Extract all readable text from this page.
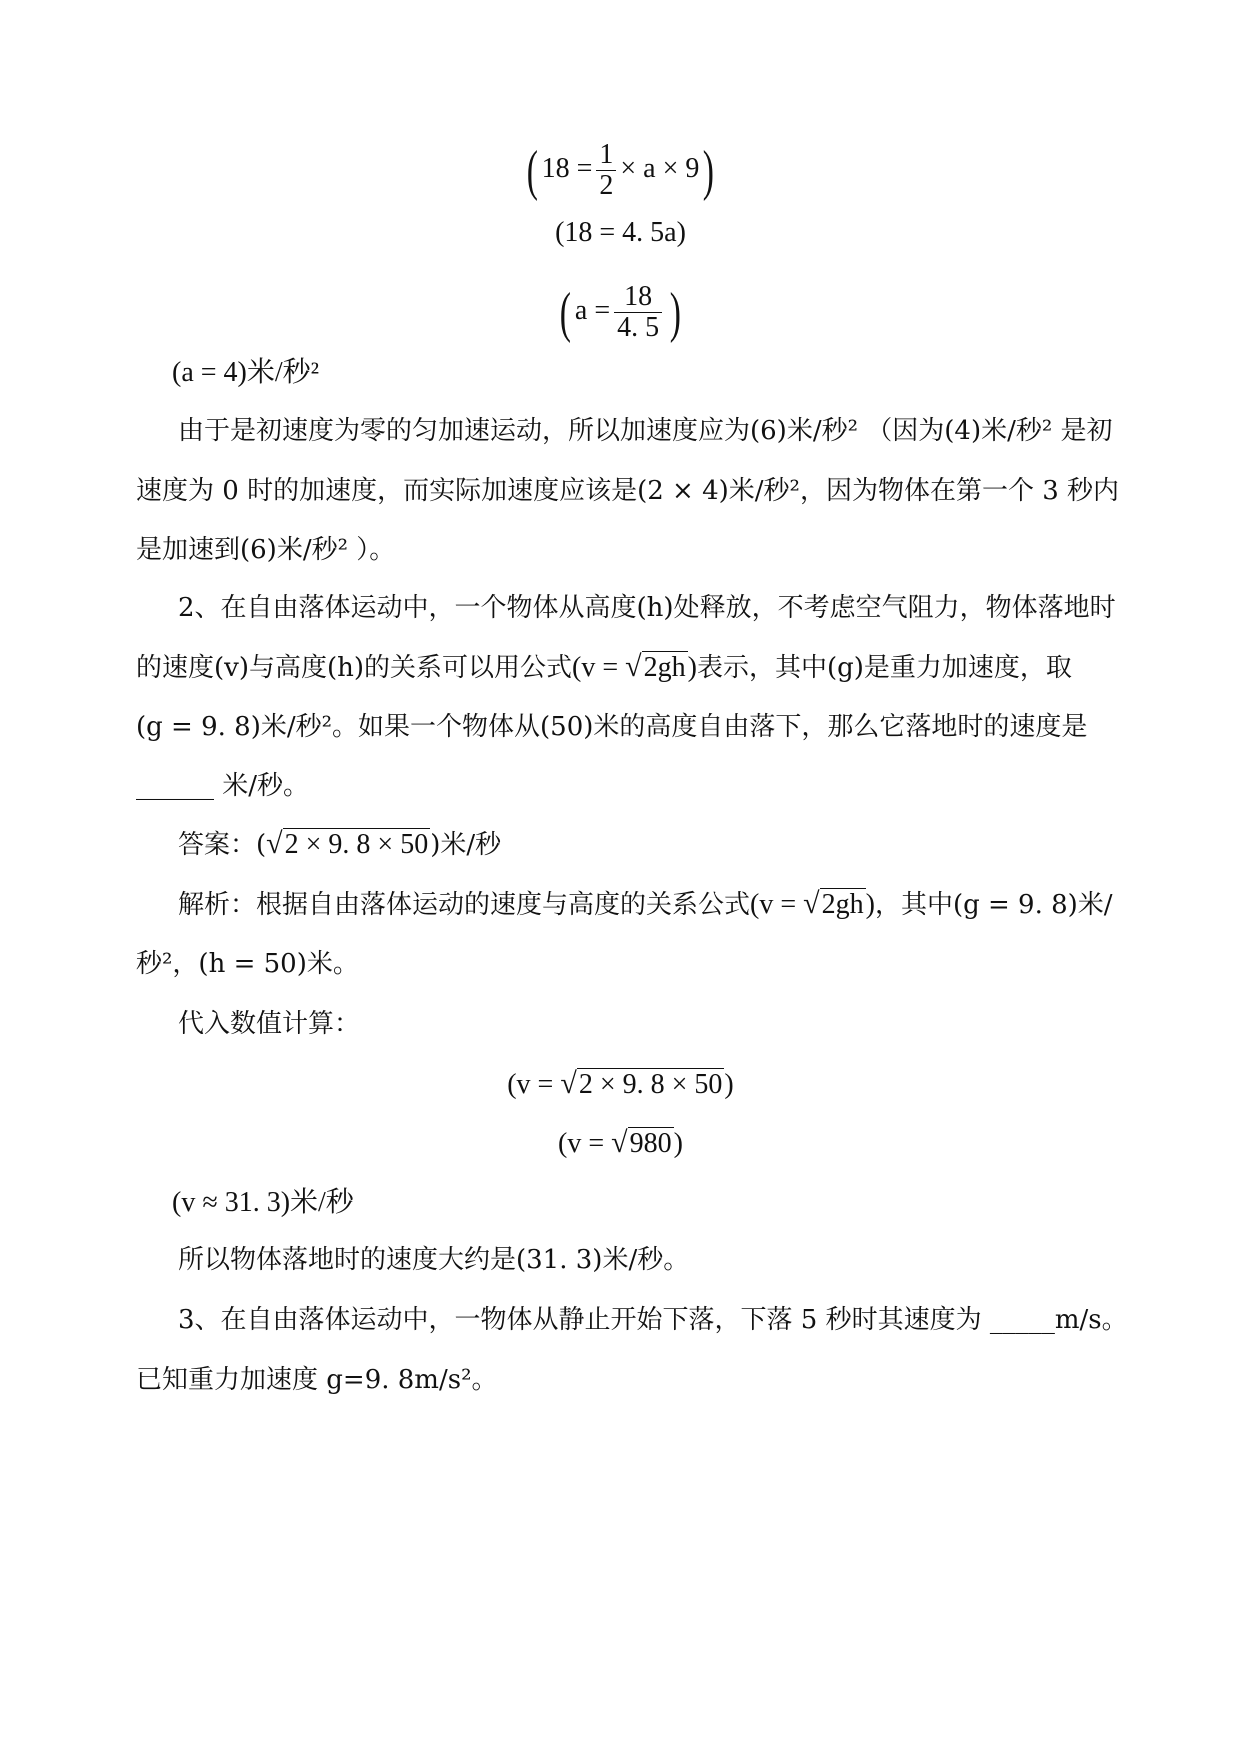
( $18 = \frac{1}{2} \times a \times 9$)
(18 = 4. 5a)
( $a = \frac{18}{4. 5}$ )
(a = 4)米/秒²
由于是初速度为零的匀加速运动，所以加速度应为(6)米/秒² （因为(4)米/秒² 是初
速度为 0 时的加速度，而实际加速度应该是(2 × 4)米/秒²，因为物体在第一个 3 秒内
是加速到(6)米/秒² ）。
2、在自由落体运动中，一个物体从高度(h)处释放，不考虑空气阻力，物体落地时
的速度(v)与高度(h)的关系可以用公式(v = √2gh)表示，其中(g)是重力加速度，取
(g = 9. 8)米/秒²。如果一个物体从(50)米的高度自由落下，那么它落地时的速度是
______ 米/秒。
答案：(√2 × 9. 8 × 50)米/秒
解析：根据自由落体运动的速度与高度的关系公式(v = √2gh)，其中(g = 9. 8)米/
秒²，(h = 50)米。
代入数值计算：
(v = √2 × 9. 8 × 50)
(v = √980)
(v ≈ 31. 3)米/秒
所以物体落地时的速度大约是(31. 3)米/秒。
3、在自由落体运动中，一物体从静止开始下落，下落 5 秒时其速度为 _____m/s。
已知重力加速度 g=9. 8m/s²。
